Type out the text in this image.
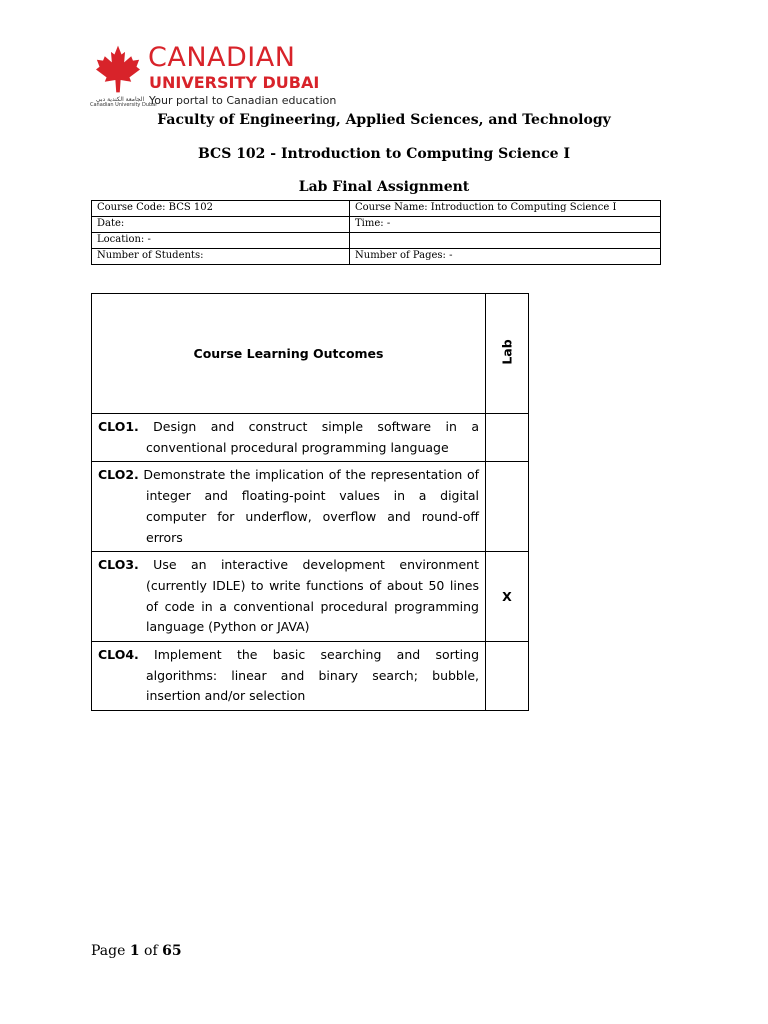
الجامعة الكندية دبي
Canadian University Dubai
CANADIAN
UNIVERSITY DUBAI
Your portal to Canadian education
Faculty of Engineering, Applied Sciences, and Technology
BCS 102 - Introduction to Computing Science I
Lab Final Assignment
Course Code: BCS 102	Course Name: Introduction to Computing Science I
Date:	Time: -
Location: -	
Number of Students:	Number of Pages: -
Course Learning Outcomes	Lab

CLO1. Design and construct simple software in a conventional procedural programming language	

CLO2. Demonstrate the implication of the representation of integer and floating-point values in a digital computer for underflow, overflow and round-off errors	

CLO3. Use an interactive development environment (currently IDLE) to write functions of about 50 lines of code in a conventional procedural programming language (Python or JAVA)	X

CLO4. Implement the basic searching and sorting algorithms: linear and binary search; bubble, insertion and/or selection	

Page 1 of 65
